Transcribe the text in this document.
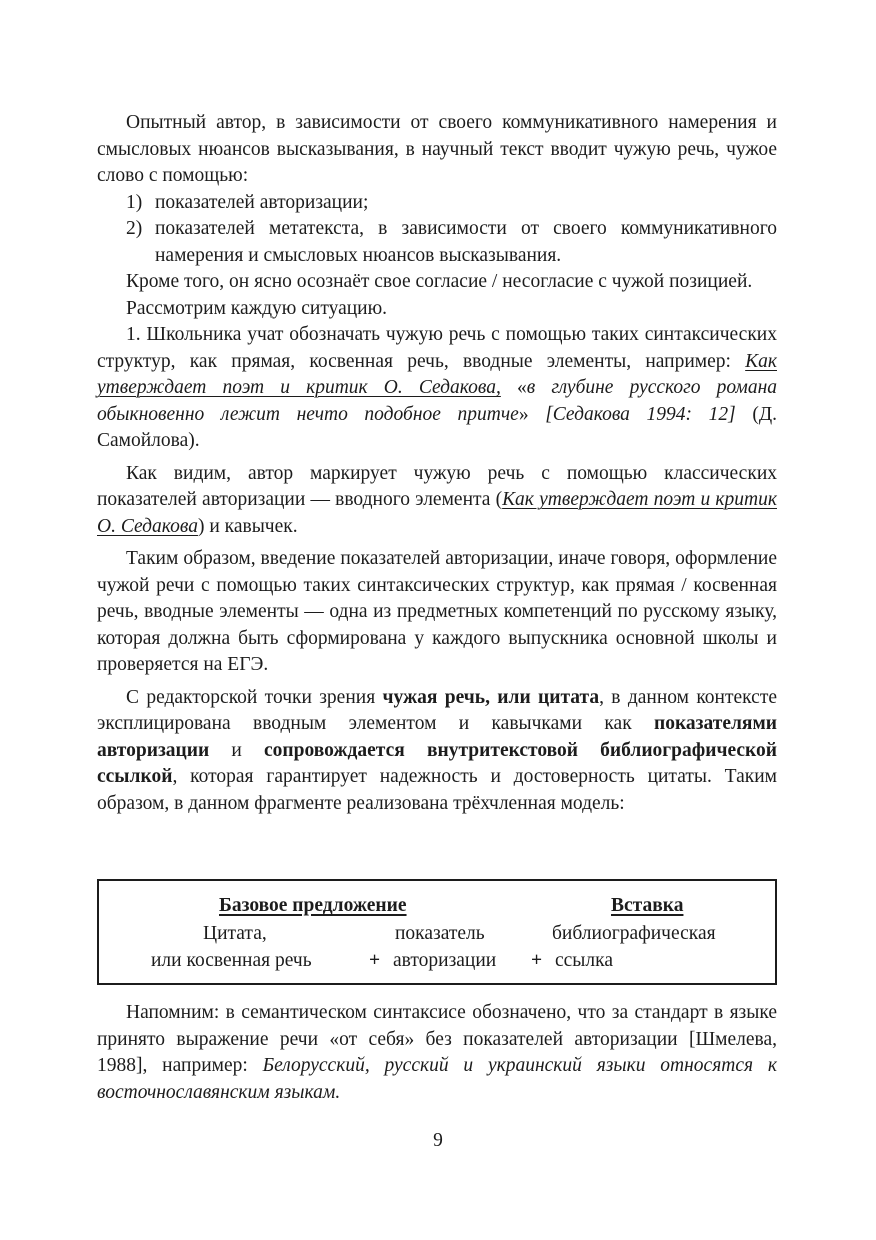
Опытный автор, в зависимости от своего коммуникативного намерения и смысловых нюансов высказывания, в научный текст вводит чужую речь, чужое слово с помощью:

1) показателей авторизации;
2) показателей метатекста, в зависимости от своего коммуникативного намерения и смысловых нюансов высказывания.

Кроме того, он ясно осознаёт свое согласие / несогласие с чужой позицией.

Рассмотрим каждую ситуацию.

1. Школьника учат обозначать чужую речь с помощью таких синтаксических структур, как прямая, косвенная речь, вводные элементы, например: Как утверждает поэт и критик О. Седакова, «в глубине русского романа обыкновенно лежит нечто подобное притче» [Седакова 1994: 12] (Д. Самойлова).

Как видим, автор маркирует чужую речь с помощью классических показателей авторизации — вводного элемента (Как утверждает поэт и критик О. Седакова) и кавычек.

Таким образом, введение показателей авторизации, иначе говоря, оформление чужой речи с помощью таких синтаксических структур, как прямая / косвенная речь, вводные элементы — одна из предметных компетенций по русскому языку, которая должна быть сформирована у каждого выпускника основной школы и проверяется на ЕГЭ.

С редакторской точки зрения чужая речь, или цитата, в данном контексте эксплицирована вводным элементом и кавычками как показателями авторизации и сопровождается внутритекстовой библиографической ссылкой, которая гарантирует надежность и достоверность цитаты. Таким образом, в данном фрагменте реализована трёхчленная модель:

Базовое предложение	Вставка
Цитата,
или косвенная речь	+
показатель
авторизации +
библиографическая
ссылка

Напомним: в семантическом синтаксисе обозначено, что за стандарт в языке принято выражение речи «от себя» без показателей авторизации [Шмелева, 1988], например: Белорусский, русский и украинский языки относятся к восточнославянским языкам.

9
